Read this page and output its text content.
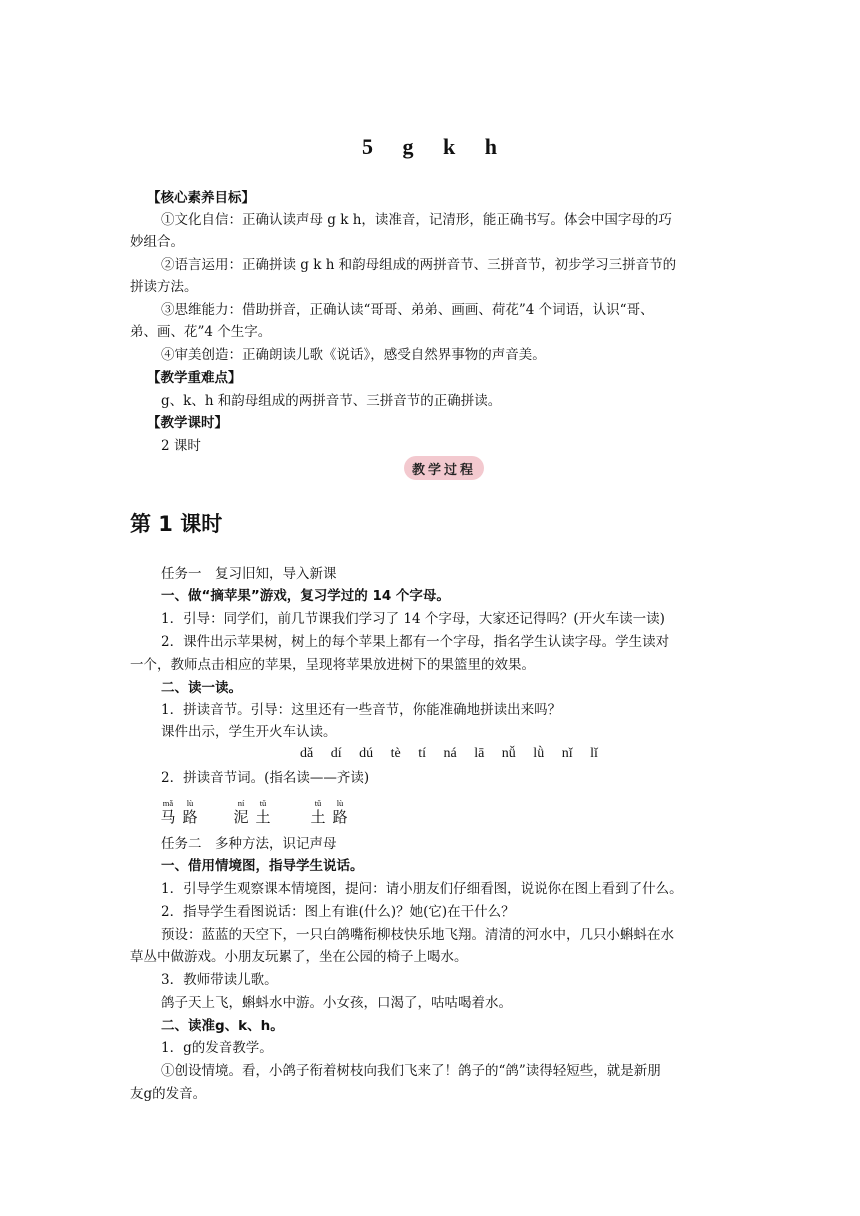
5 g k h
【核心素养目标】
①文化自信：正确认读声母 g k h，读准音，记清形，能正确书写。体会中国字母的巧
妙组合。
②语言运用：正确拼读 g k h 和韵母组成的两拼音节、三拼音节，初步学习三拼音节的
拼读方法。
③思维能力：借助拼音，正确认读“哥哥、弟弟、画画、荷花”4 个词语，认识“哥、
弟、画、花”4 个生字。
④审美创造：正确朗读儿歌《说话》，感受自然界事物的声音美。
【教学重难点】
g、k、h 和韵母组成的两拼音节、三拼音节的正确拼读。
【教学课时】
2 课时
教学过程
第 1 课时
任务一　复习旧知，导入新课
一、做“摘苹果”游戏，复习学过的 14 个字母。
1．引导：同学们，前几节课我们学习了 14 个字母，大家还记得吗？(开火车读一读)
2．课件出示苹果树，树上的每个苹果上都有一个字母，指名学生认读字母。学生读对
一个，教师点击相应的苹果，呈现将苹果放进树下的果篮里的效果。
二、读一读。
1．拼读音节。引导：这里还有一些音节，你能准确地拼读出来吗？
课件出示，学生开火车认读。
dǎ dí dú tè tí ná lā nǚ lǜ nǐ lǐ
2．拼读音节词。(指名读——齐读)
mǎ
马
lù
路
ní
泥
tǔ
土
tǔ
土
lù
路
任务二　多种方法，识记声母
一、借用情境图，指导学生说话。
1．引导学生观察课本情境图，提问：请小朋友们仔细看图，说说你在图上看到了什么。
2．指导学生看图说话：图上有谁(什么)？她(它)在干什么？
预设：蓝蓝的天空下，一只白鸽嘴衔柳枝快乐地飞翔。清清的河水中，几只小蝌蚪在水
草丛中做游戏。小朋友玩累了，坐在公园的椅子上喝水。
3．教师带读儿歌。
鸽子天上飞，蝌蚪水中游。小女孩，口渴了，咕咕喝着水。
二、读准g、k、h。
1．g的发音教学。
①创设情境。看，小鸽子衔着树枝向我们飞来了！鸽子的“鸽”读得轻短些，就是新朋
友g的发音。
